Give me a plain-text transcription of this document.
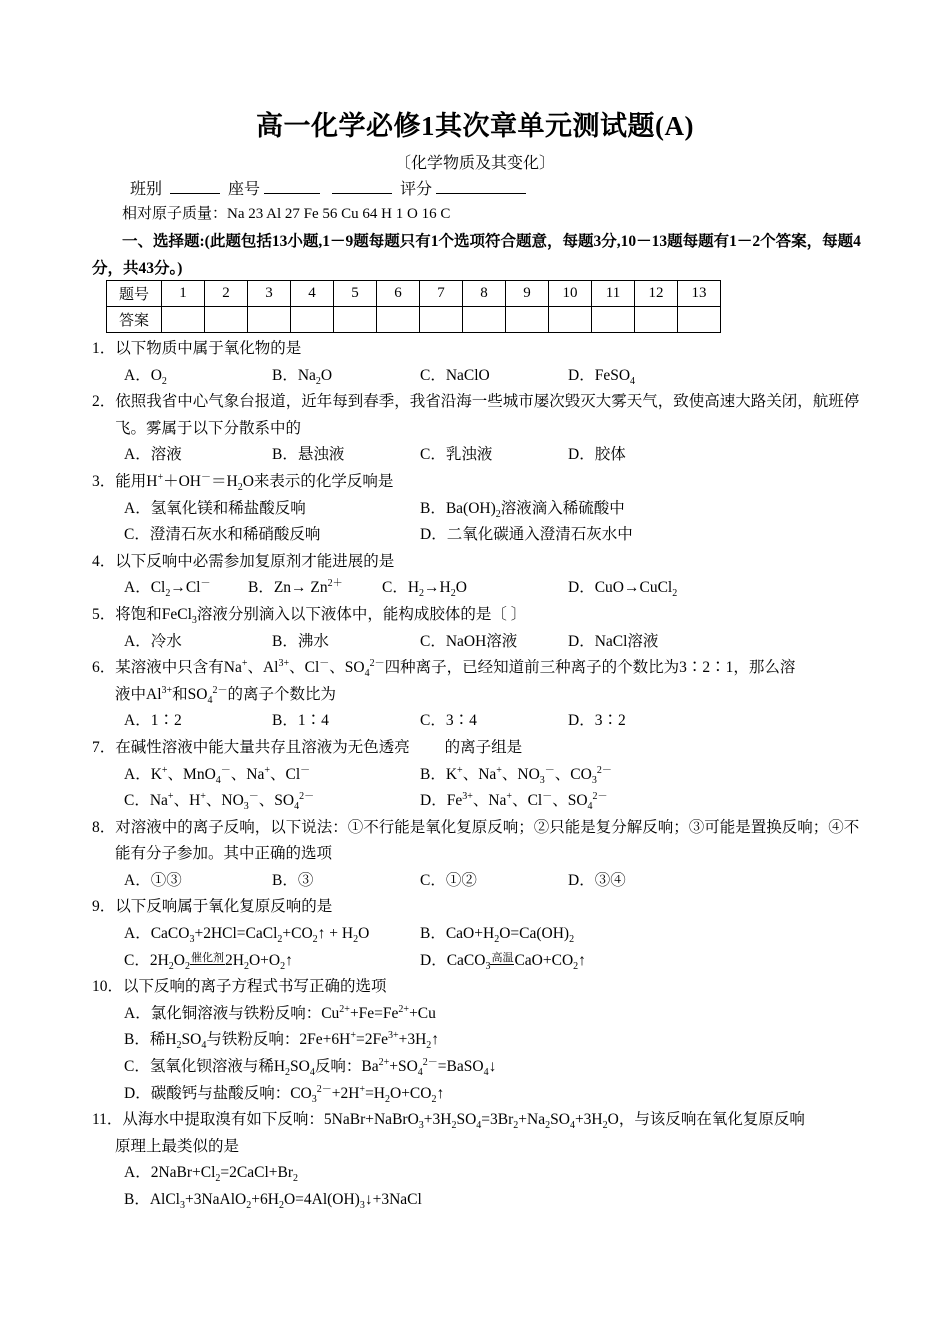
高一化学必修1其次章单元测试题(A)
〔化学物质及其变化〕
班别	座号	评分
相对原子质量：Na 23 Al 27 Fe 56 Cu 64 H 1 O 16 C
一、选择题:(此题包括13小题,1－9题每题只有1个选项符合题意，每题3分,10－13题每题有1－2个答案，每题4分，共43分。)
题号	1	2	3	4	5	6	7	8	9	10	11	12	13
答案													
1．以下物质中属于氧化物的是
A．$O_2$	B．$Na_2O$	C．NaClO	D．FeSO$_4$
2．依照我省中心气象台报道，近年每到春季，我省沿海一些城市屡次毁灭大雾天气，致使高速大路关闭，航班停飞。雾属于以下分散系中的
A．溶液	B．悬浊液	C．乳浊液	D．胶体
3．能用$H^++OH^-=H_2O$来表示的化学反响是
A．氢氧化镁和稀盐酸反响	B．$Ba(OH)_2$溶液滴入稀硫酸中
C．澄清石灰水和稀硝酸反响	D．二氧化碳通入澄清石灰水中
4．以下反响中必需参加复原剂才能进展的是
A．$Cl_2\to Cl^-$	B．$Zn\to Zn^{2+}$	C．$H_2\to H_2O$	D．CuO→CuCl$_2$
5．将饱和FeCl$_3$溶液分别滴入以下液体中，能构成胶体的是〔 〕
A．冷水	B．沸水	C．NaOH溶液	D．NaCl溶液
6．某溶液中只含有Na+、$Al^{3+}$、Cl－、$SO_4^{2-}$四种离子，已经知道前三种离子的个数比为3∶2∶1，那么溶
液中$Al^{3+}$和$SO_4^{2-}$的离子个数比为
A．1∶2	B．1∶4	C．3∶4	D．3∶2
7．在碱性溶液中能大量共存且溶液为无色透亮         的离子组是
A．K+、MnO$_4$－、Na+、Cl－	B．K+、Na+、$NO_3^-$、$CO_3^{2-}$
C．Na+、H+、$NO_3^-$、$SO_4^{2-}$	D．$Fe^{3+}$、Na+、Cl－、$SO_4^{2-}$
8．对溶液中的离子反响，以下说法：①不行能是氧化复原反响；②只能是复分解反响；③可能是置换反响；④不能有分子参加。其中正确的选项
A．①③	B．③	C．①②	D．③④
9．以下反响属于氧化复原反响的是
A．$CaCO_3+2HCl=CaCl_2+CO_2↑ + H_2O$	B．$CaO+H_2O=Ca(OH)_2$
C．$2H_2O_2$
催化剂 $2H_2O+O_2↑$	D．CaCO$_3$
高温 $CaO+CO_2↑$
10．以下反响的离子方程式书写正确的选项
A．氯化铜溶液与铁粉反响：$Cu^{2+}+Fe=Fe^{2+}+Cu$
B．稀$H_2SO_4$与铁粉反响：$2Fe+6H^+=2Fe^{3+}+3H_2↑$
C．氢氧化钡溶液与稀$H_2SO_4$反响：$Ba^{2+}+SO_4^{2-}=BaSO_4↓$
D．碳酸钙与盐酸反响：$CO_3^{2-}+2H^+=H_2O+CO_2↑$
11．从海水中提取溴有如下反响：$5NaBr+NaBrO_3+3H_2SO_4=3Br_2+Na_2SO_4+3H_2O$，与该反响在氧化复原反响
原理上最类似的是
A．$2NaBr+Cl_2=2CaCl+Br_2$
B．$AlCl_3+3NaAlO_2+6H_2O=4Al(OH)_3↓+3NaCl$
